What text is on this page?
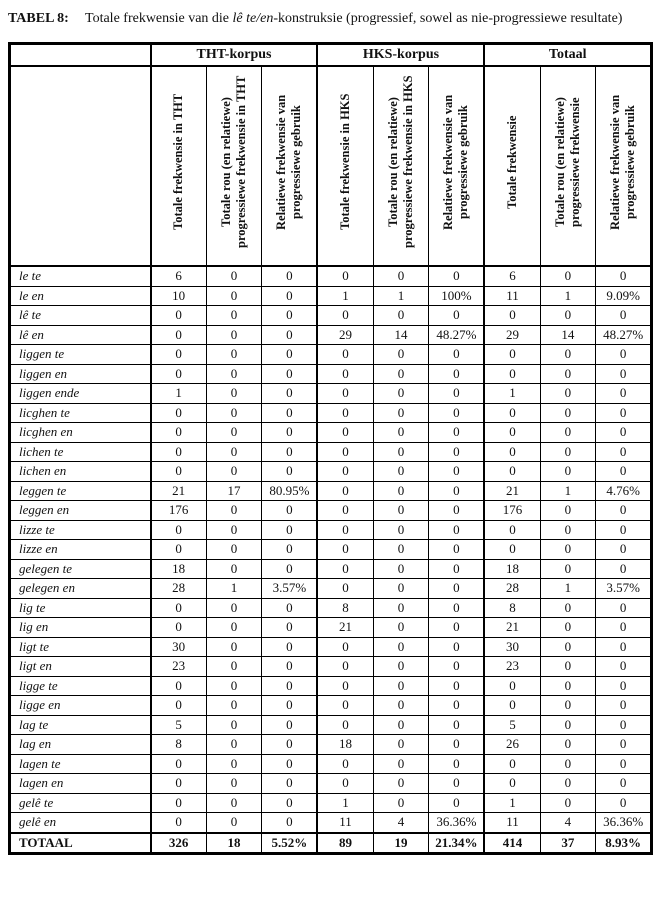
TABEL 8:	Totale frekwensie van die lê te/en-konstruksie (progressief, sowel as nie-progressiewe resultate)

	THT-korpus			HKS-korpus			Totaal		
	Totale frekwensie in THT	Totale rou (en relatiewe) progressiewe frekwensie in THT	Relatiewe frekwensie van progressiewe gebruik	Totale frekwensie in HKS	Totale rou (en relatiewe) progressiewe frekwensie in HKS	Relatiewe frekwensie van progressiewe gebruik	Totale frekwensie	Totale rou (en relatiewe) progressiewe frekwensie	Relatiewe frekwensie van progressiewe gebruik
le te	6	0	0	0	0	0	6	0	0
le en	10	0	0	1	1	100%	11	1	9.09%
lê te	0	0	0	0	0	0	0	0	0
lê en	0	0	0	29	14	48.27%	29	14	48.27%
liggen te	0	0	0	0	0	0	0	0	0
liggen en	0	0	0	0	0	0	0	0	0
liggen ende	1	0	0	0	0	0	1	0	0
licghen te	0	0	0	0	0	0	0	0	0
licghen en	0	0	0	0	0	0	0	0	0
lichen te	0	0	0	0	0	0	0	0	0
lichen en	0	0	0	0	0	0	0	0	0
leggen te	21	17	80.95%	0	0	0	21	1	4.76%
leggen en	176	0	0	0	0	0	176	0	0
lizze te	0	0	0	0	0	0	0	0	0
lizze en	0	0	0	0	0	0	0	0	0
gelegen te	18	0	0	0	0	0	18	0	0
gelegen en	28	1	3.57%	0	0	0	28	1	3.57%
lig te	0	0	0	8	0	0	8	0	0
lig en	0	0	0	21	0	0	21	0	0
ligt te	30	0	0	0	0	0	30	0	0
ligt en	23	0	0	0	0	0	23	0	0
ligge te	0	0	0	0	0	0	0	0	0
ligge en	0	0	0	0	0	0	0	0	0
lag te	5	0	0	0	0	0	5	0	0
lag en	8	0	0	18	0	0	26	0	0
lagen te	0	0	0	0	0	0	0	0	0
lagen en	0	0	0	0	0	0	0	0	0
gelê te	0	0	0	1	0	0	1	0	0
gelê en	0	0	0	11	4	36.36%	11	4	36.36%
TOTAAL	326	18	5.52%	89	19	21.34%	414	37	8.93%
